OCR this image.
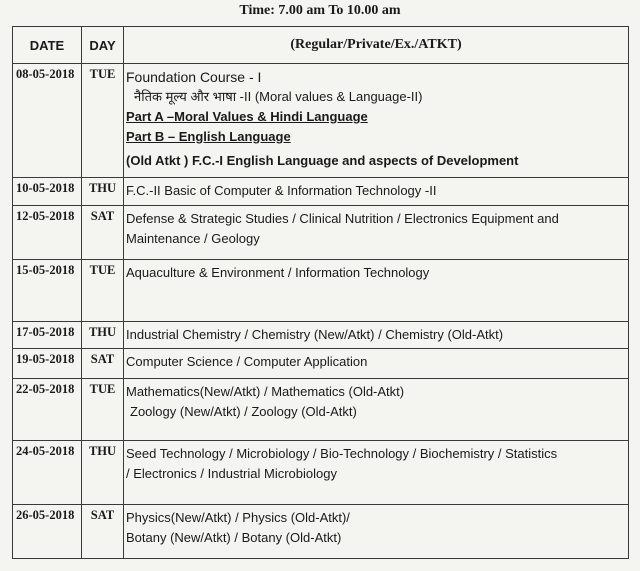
Time: 7.00 am To 10.00 am
DATE	DAY	(Regular/Private/Ex./ATKT)
08-05-2018	TUE	Foundation Course - I
नैतिक मूल्य और भाषा -II (Moral values & Language-II)
Part A –Moral Values & Hindi Language
Part B – English Language
(Old Atkt ) F.C.-I English Language and aspects of Development

10-05-2018	THU	F.C.-II Basic of Computer & Information Technology -II

12-05-2018	SAT	Defense & Strategic Studies / Clinical Nutrition / Electronics Equipment and
Maintenance / Geology

15-05-2018	TUE	Aquaculture & Environment / Information Technology

17-05-2018	THU	Industrial Chemistry / Chemistry (New/Atkt) / Chemistry (Old-Atkt)

19-05-2018	SAT	Computer Science / Computer Application

22-05-2018	TUE	Mathematics(New/Atkt) / Mathematics (Old-Atkt)
Zoology (New/Atkt) / Zoology (Old-Atkt)

24-05-2018	THU	Seed Technology / Microbiology / Bio-Technology / Biochemistry / Statistics
/ Electronics / Industrial Microbiology

26-05-2018	SAT	Physics(New/Atkt) / Physics (Old-Atkt)/
Botany (New/Atkt) / Botany (Old-Atkt)
